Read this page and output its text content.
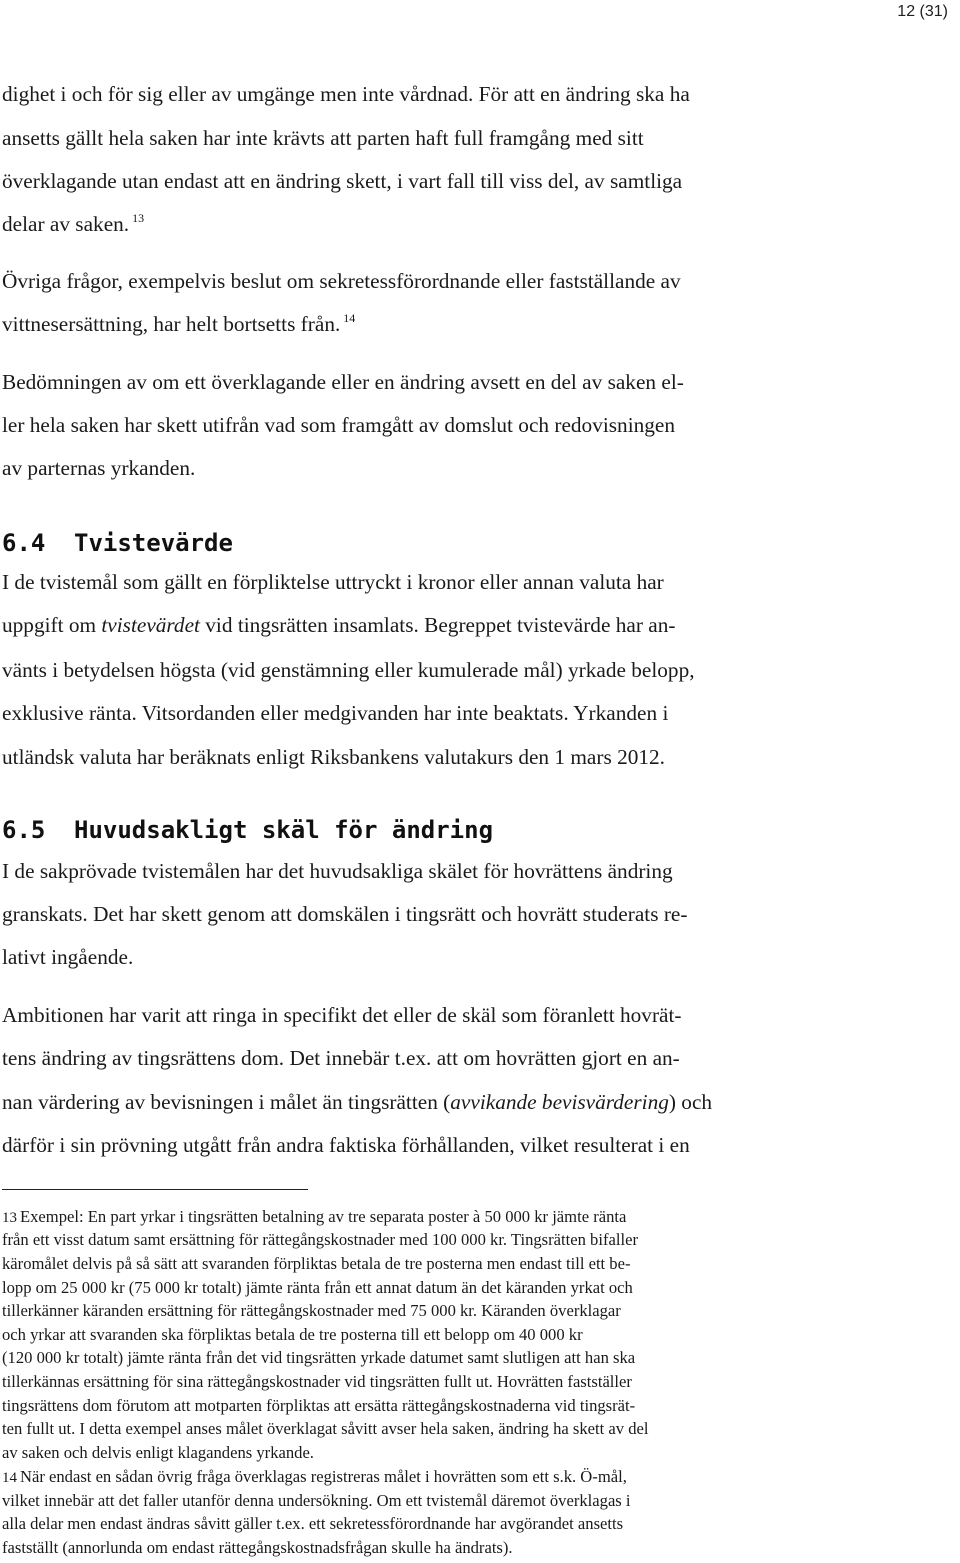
12 (31)
dighet i och för sig eller av umgänge men inte vårdnad. För att en ändring ska ha
ansetts gällt hela saken har inte krävts att parten haft full framgång med sitt
överklagande utan endast att en ändring skett, i vart fall till viss del, av samtliga
delar av saken. $^{13}$
Övriga frågor, exempelvis beslut om sekretessförordnande eller fastställande av
vittnesersättning, har helt bortsetts från. $^{14}$
Bedömningen av om ett överklagande eller en ändring avsett en del av saken el-
ler hela saken har skett utifrån vad som framgått av domslut och redovisningen
av parternas yrkanden.
6.4 Tvistevärde
I de tvistemål som gällt en förpliktelse uttryckt i kronor eller annan valuta har
uppgift om tvistevärdet vid tingsrätten insamlats. Begreppet tvistevärde har an-
vänts i betydelsen högsta (vid genstämning eller kumulerade mål) yrkade belopp,
exklusive ränta. Vitsordanden eller medgivanden har inte beaktats. Yrkanden i
utländsk valuta har beräknats enligt Riksbankens valutakurs den 1 mars 2012.
6.5 Huvudsakligt skäl för ändring
I de sakprövade tvistemålen har det huvudsakliga skälet för hovrättens ändring
granskats. Det har skett genom att domskälen i tingsrätt och hovrätt studerats re-
lativt ingående.
Ambitionen har varit att ringa in specifikt det eller de skäl som föranlett hovrät-
tens ändring av tingsrättens dom. Det innebär t.ex. att om hovrätten gjort en an-
nan värdering av bevisningen i målet än tingsrätten (avvikande bevisvärdering) och
därför i sin prövning utgått från andra faktiska förhållanden, vilket resulterat i en
13 Exempel: En part yrkar i tingsrätten betalning av tre separata poster à 50 000 kr jämte ränta
från ett visst datum samt ersättning för rättegångskostnader med 100 000 kr. Tingsrätten bifaller
käromålet delvis på så sätt att svaranden förpliktas betala de tre posterna men endast till ett be-
lopp om 25 000 kr (75 000 kr totalt) jämte ränta från ett annat datum än det käranden yrkat och
tillerkänner käranden ersättning för rättegångskostnader med 75 000 kr. Käranden överklagar
och yrkar att svaranden ska förpliktas betala de tre posterna till ett belopp om 40 000 kr
(120 000 kr totalt) jämte ränta från det vid tingsrätten yrkade datumet samt slutligen att han ska
tillerkännas ersättning för sina rättegångskostnader vid tingsrätten fullt ut. Hovrätten fastställer
tingsrättens dom förutom att motparten förpliktas att ersätta rättegångskostnaderna vid tingsrät-
ten fullt ut. I detta exempel anses målet överklagat såvitt avser hela saken, ändring ha skett av del
av saken och delvis enligt klagandens yrkande.
14 När endast en sådan övrig fråga överklagas registreras målet i hovrätten som ett s.k. Ö-mål,
vilket innebär att det faller utanför denna undersökning. Om ett tvistemål däremot överklagas i
alla delar men endast ändras såvitt gäller t.ex. ett sekretessförordnande har avgörandet ansetts
fastställt (annorlunda om endast rättegångskostnadsfrågan skulle ha ändrats).
